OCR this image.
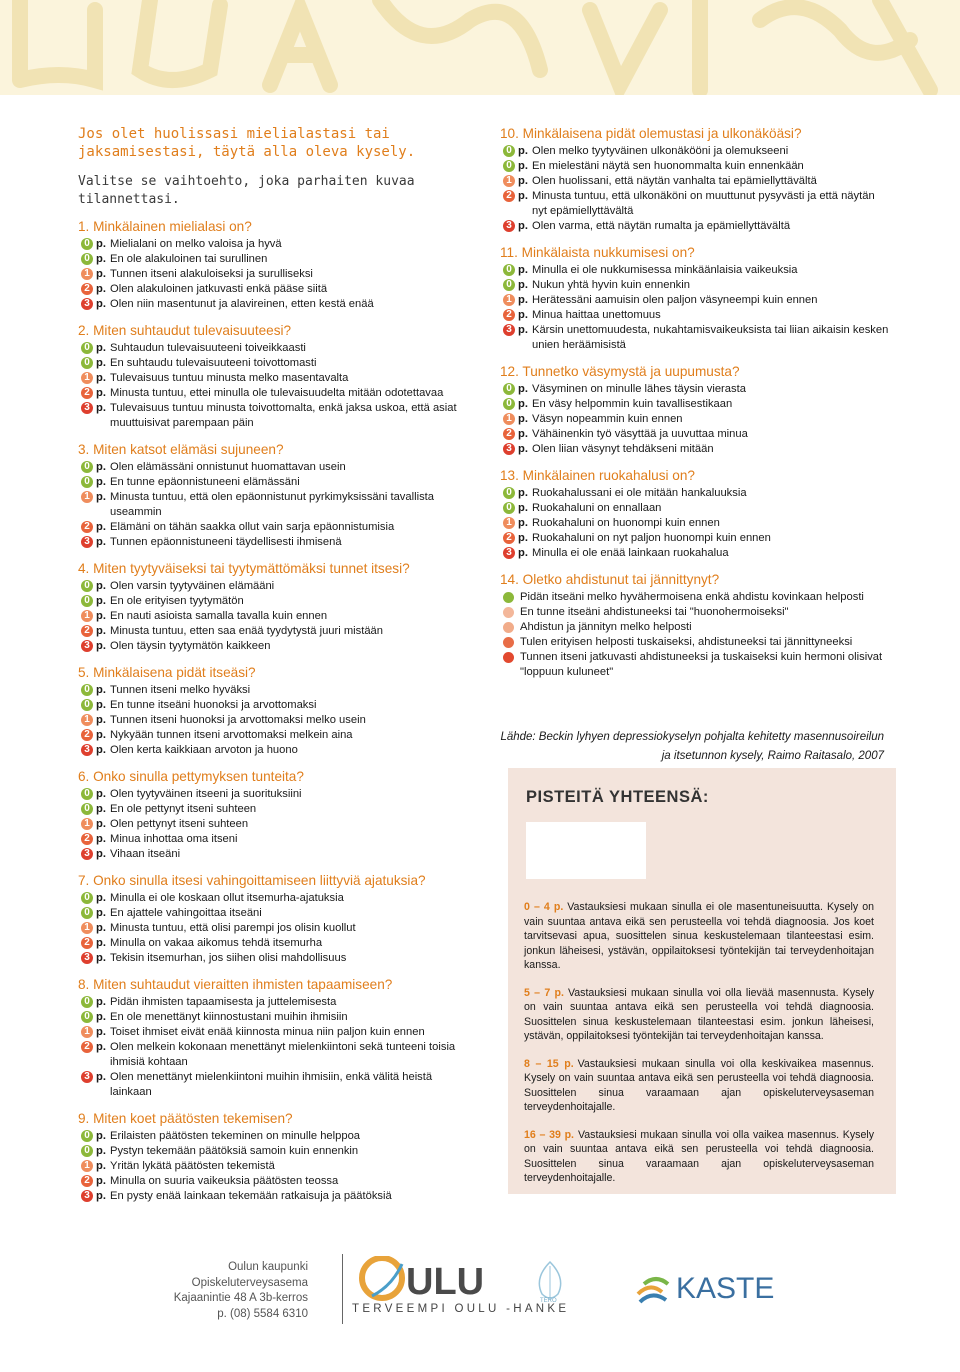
Jos olet huolissasi mielialastasi tai jaksamisestasi, täytä alla oleva kysely.

Valitse se vaihtoehto, joka parhaiten kuvaa tilannettasi.

1. Minkälainen mielialasi on?

0 p. Mielialani on melko valoisa ja hyvä

0 p. En ole alakuloinen tai surullinen

1 p. Tunnen itseni alakuloiseksi ja surulliseksi

2 p. Olen alakuloinen jatkuvasti enkä pääse siitä

3 p. Olen niin masentunut ja alavireinen, etten kestä enää

2. Miten suhtaudut tulevaisuuteesi?

0 p. Suhtaudun tulevaisuuteeni toiveikkaasti

0 p. En suhtaudu tulevaisuuteeni toivottomasti

1 p. Tulevaisuus tuntuu minusta melko masentavalta

2 p. Minusta tuntuu, ettei minulla ole tulevaisuudelta mitään odotettavaa

3 p. Tulevaisuus tuntuu minusta toivottomalta, enkä jaksa uskoa, että asiat muuttuisivat parempaan päin

3. Miten katsot elämäsi sujuneen?

0 p. Olen elämässäni onnistunut huomattavan usein

0 p. En tunne epäonnistuneeni elämässäni

1 p. Minusta tuntuu, että olen epäonnistunut pyrkimyksissäni tavallista useammin

2 p. Elämäni on tähän saakka ollut vain sarja epäonnistumisia

3 p. Tunnen epäonnistuneeni täydellisesti ihmisenä

4. Miten tyytyväiseksi tai tyytymättömäksi tunnet itsesi?

0 p. Olen varsin tyytyväinen elämääni

0 p. En ole erityisen tyytymätön

1 p. En nauti asioista samalla tavalla kuin ennen

2 p. Minusta tuntuu, etten saa enää tyydytystä juuri mistään

3 p. Olen täysin tyytymätön kaikkeen

5. Minkälaisena pidät itseäsi?

0 p. Tunnen itseni melko hyväksi

0 p. En tunne itseäni huonoksi ja arvottomaksi

1 p. Tunnen itseni huonoksi ja arvottomaksi melko usein

2 p. Nykyään tunnen itseni arvottomaksi melkein aina

3 p. Olen kerta kaikkiaan arvoton ja huono

6. Onko sinulla pettymyksen tunteita?

0 p. Olen tyytyväinen itseeni ja suorituksiini

0 p. En ole pettynyt itseni suhteen

1 p. Olen pettynyt itseni suhteen

2 p. Minua inhottaa oma itseni

3 p. Vihaan itseäni

7. Onko sinulla itsesi vahingoittamiseen liittyviä ajatuksia?

0 p. Minulla ei ole koskaan ollut itsemurha-ajatuksia

0 p. En ajattele vahingoittaa itseäni

1 p. Minusta tuntuu, että olisi parempi jos olisin kuollut

2 p. Minulla on vakaa aikomus tehdä itsemurha

3 p. Tekisin itsemurhan, jos siihen olisi mahdollisuus

8. Miten suhtaudut vieraitten ihmisten tapaamiseen?

0 p. Pidän ihmisten tapaamisesta ja juttelemisesta

0 p. En ole menettänyt kiinnostustani muihin ihmisiin

1 p. Toiset ihmiset eivät enää kiinnosta minua niin paljon kuin ennen

2 p. Olen melkein kokonaan menettänyt mielenkiintoni sekä tunteeni toisia ihmisiä kohtaan

3 p. Olen menettänyt mielenkiintoni muihin ihmisiin, enkä välitä heistä lainkaan

9. Miten koet päätösten tekemisen?

0 p. Erilaisten päätösten tekeminen on minulle helppoa

0 p. Pystyn tekemään päätöksiä samoin kuin ennenkin

1 p. Yritän lykätä päätösten tekemistä

2 p. Minulla on suuria vaikeuksia päätösten teossa

3 p. En pysty enää lainkaan tekemään ratkaisuja ja päätöksiä

10. Minkälaisena pidät olemustasi ja ulkonäköäsi?

0 p. Olen melko tyytyväinen ulkonäkööni ja olemukseeni

0 p. En mielestäni näytä sen huonommalta kuin ennenkään

1 p. Olen huolissani, että näytän vanhalta tai epämiellyttävältä

2 p. Minusta tuntuu, että ulkonäköni on muuttunut pysyvästi ja että näytän nyt epämiellyttävältä

3 p. Olen varma, että näytän rumalta ja epämiellyttävältä

11. Minkälaista nukkumisesi on?

0 p. Minulla ei ole nukkumisessa minkäänlaisia vaikeuksia

0 p. Nukun yhtä hyvin kuin ennenkin

1 p. Herätessäni aamuisin olen paljon väsyneempi kuin ennen

2 p. Minua haittaa unettomuus

3 p. Kärsin unettomuudesta, nukahtamisvaikeuksista tai liian aikaisin kesken unien heräämisistä

12. Tunnetko väsymystä ja uupumusta?

0 p. Väsyminen on minulle lähes täysin vierasta

0 p. En väsy helpommin kuin tavallisestikaan

1 p. Väsyn nopeammin kuin ennen

2 p. Vähäinenkin työ väsyttää ja uuvuttaa minua

3 p. Olen liian väsynyt tehdäkseni mitään

13. Minkälainen ruokahalusi on?

0 p. Ruokahalussani ei ole mitään hankaluuksia

0 p. Ruokahaluni on ennallaan

1 p. Ruokahaluni on huonompi kuin ennen

2 p. Ruokahaluni on nyt paljon huonompi kuin ennen

3 p. Minulla ei ole enää lainkaan ruokahalua

14. Oletko ahdistunut tai jännittynyt?

Pidän itseäni melko hyvähermoisena enkä ahdistu kovinkaan helposti

En tunne itseäni ahdistuneeksi tai "huonohermoiseksi"

Ahdistun ja jännityn melko helposti

Tulen erityisen helposti tuskaiseksi, ahdistuneeksi tai jännittyneeksi

Tunnen itseni jatkuvasti ahdistuneeksi ja tuskaiseksi kuin hermoni olisivat "loppuun kuluneet"

Lähde: Beckin lyhyen depressiokyselyn pohjalta kehitetty masennusoireilun ja itsetunnon kysely, Raimo Raitasalo, 2007

PISTEITÄ YHTEENSÄ:

0 – 4 p. Vastauksiesi mukaan sinulla ei ole masentuneisuutta. Kysely on vain suuntaa antava eikä sen perusteella voi tehdä diagnoosia. Jos koet tarvitsevasi apua, suosittelen sinua keskustelemaan tilanteestasi esim. jonkun läheisesi, ystävän, oppilaitoksesi työntekijän tai terveydenhoitajan kanssa.

5 – 7 p. Vastauksiesi mukaan sinulla voi olla lievää masennusta. Kysely on vain suuntaa antava eikä sen perusteella voi tehdä diagnoosia. Suosittelen sinua keskustelemaan tilanteestasi esim. jonkun läheisesi, ystävän, oppilaitoksesi työntekijän tai terveydenhoitajan kanssa.

8 – 15 p. Vastauksiesi mukaan sinulla voi olla keskivaikea masennus. Kysely on vain suuntaa antava eikä sen perusteella voi tehdä diagnoosia. Suosittelen sinua varaamaan ajan opiskeluterveysaseman terveydenhoitajalle.

16 – 39 p. Vastauksiesi mukaan sinulla voi olla vaikea masennus. Kysely on vain suuntaa antava eikä sen perusteella voi tehdä diagnoosia. Suosittelen sinua varaamaan ajan opiskeluterveysaseman terveydenhoitajalle.

Oulun kaupunki
Opiskeluterveysasema
Kajaanintie 48 A 3b-kerros
p. (08) 5584 6310
ULU	TERO
TERVEEMPI OULU -HANKE
KASTE
